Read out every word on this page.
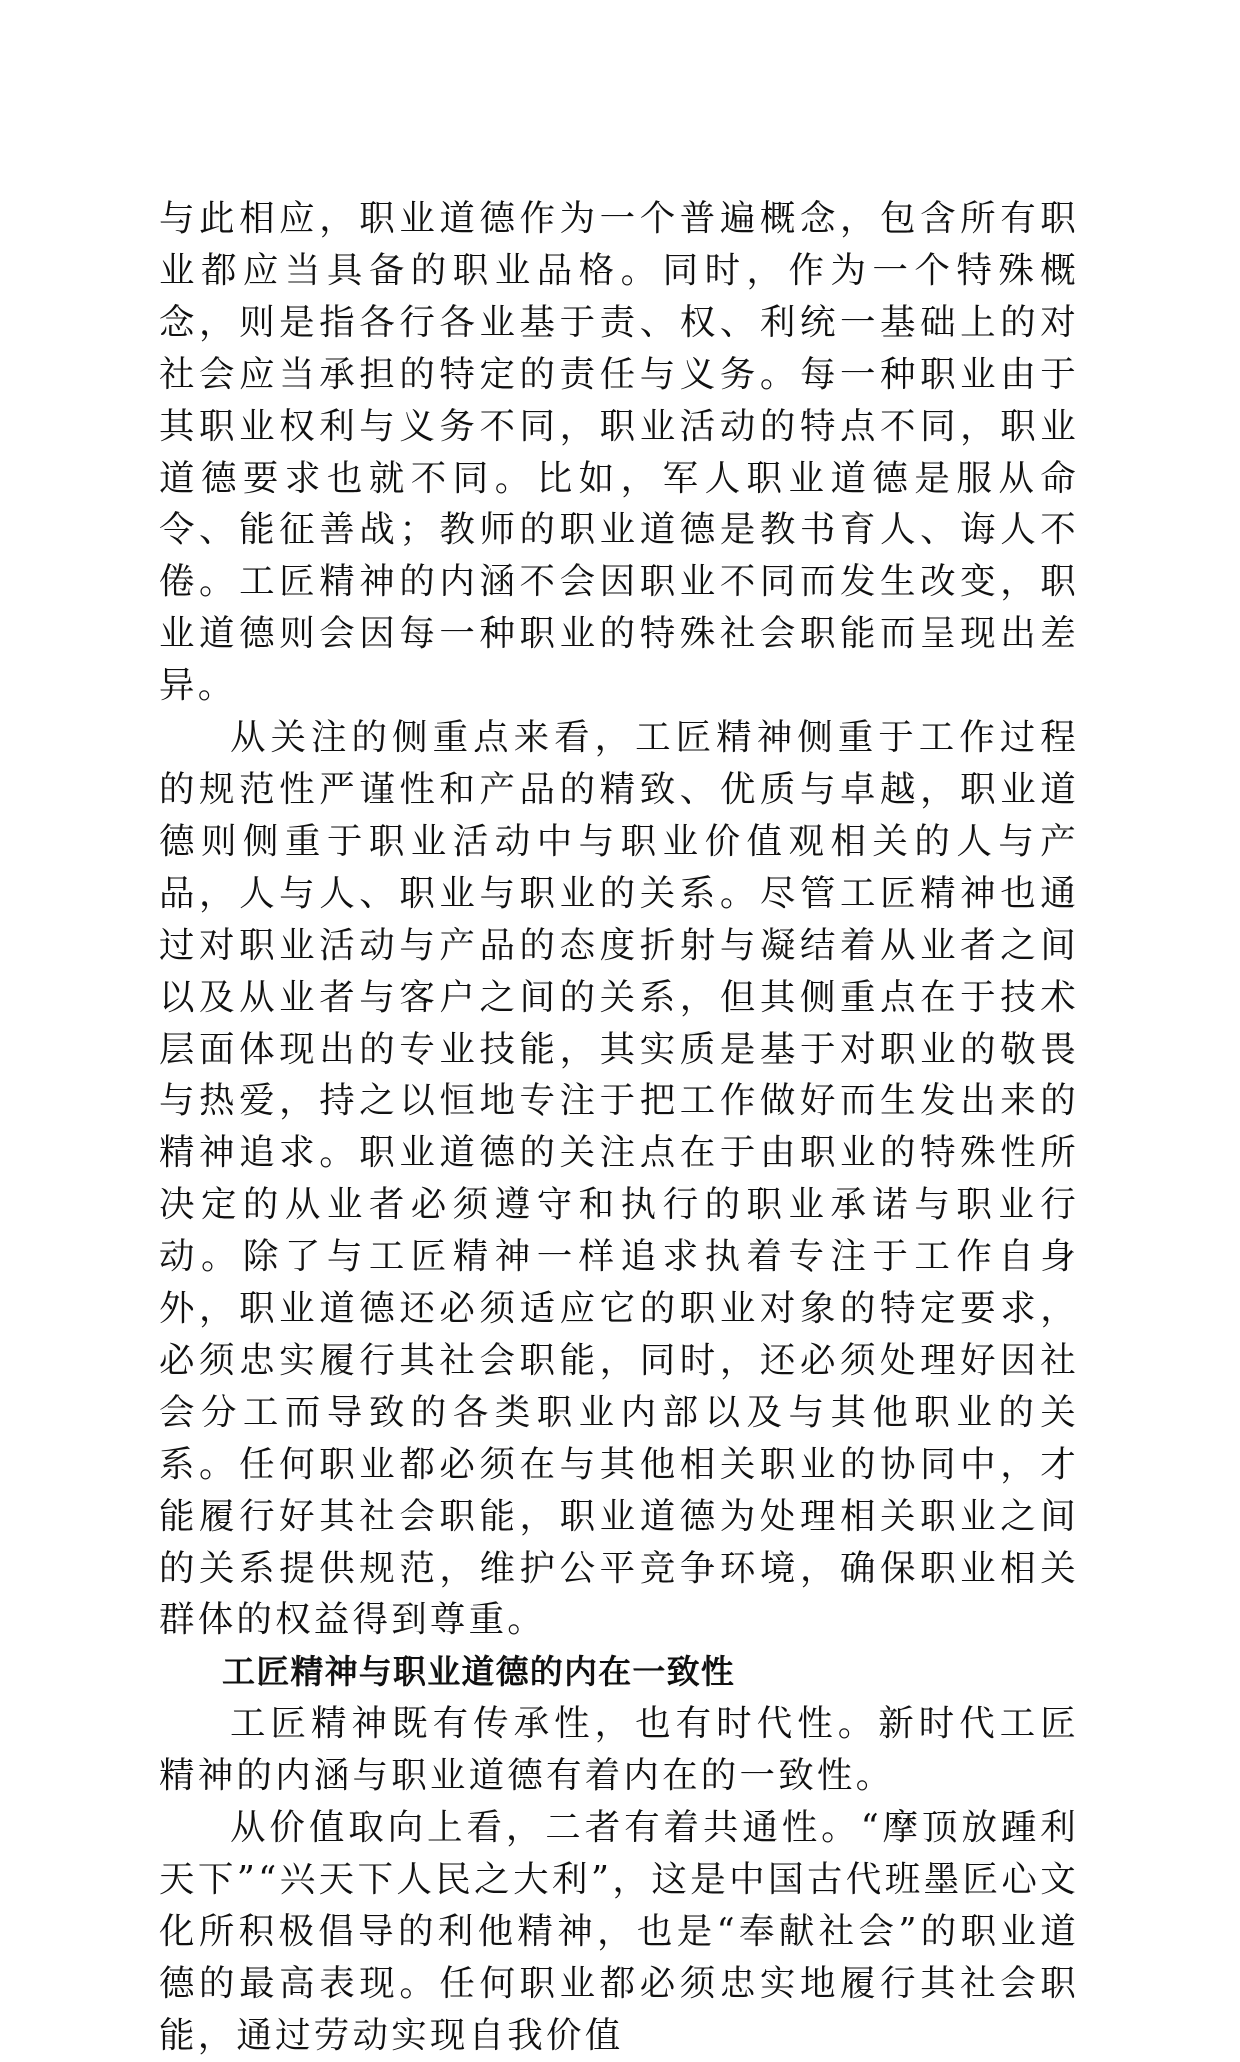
与此相应，职业道德作为一个普遍概念，包含所有职业都应当具备的职业品格。同时，作为一个特殊概念，则是指各行各业基于责、权、利统一基础上的对社会应当承担的特定的责任与义务。每一种职业由于其职业权利与义务不同，职业活动的特点不同，职业道德要求也就不同。比如，军人职业道德是服从命令、能征善战；教师的职业道德是教书育人、诲人不倦。工匠精神的内涵不会因职业不同而发生改变，职业道德则会因每一种职业的特殊社会职能而呈现出差异。

从关注的侧重点来看，工匠精神侧重于工作过程的规范性严谨性和产品的精致、优质与卓越，职业道德则侧重于职业活动中与职业价值观相关的人与产品，人与人、职业与职业的关系。尽管工匠精神也通过对职业活动与产品的态度折射与凝结着从业者之间以及从业者与客户之间的关系，但其侧重点在于技术层面体现出的专业技能，其实质是基于对职业的敬畏与热爱，持之以恒地专注于把工作做好而生发出来的精神追求。职业道德的关注点在于由职业的特殊性所决定的从业者必须遵守和执行的职业承诺与职业行动。除了与工匠精神一样追求执着专注于工作自身外，职业道德还必须适应它的职业对象的特定要求，必须忠实履行其社会职能，同时，还必须处理好因社会分工而导致的各类职业内部以及与其他职业的关系。任何职业都必须在与其他相关职业的协同中，才能履行好其社会职能，职业道德为处理相关职业之间的关系提供规范，维护公平竞争环境，确保职业相关群体的权益得到尊重。

工匠精神与职业道德的内在一致性

工匠精神既有传承性，也有时代性。新时代工匠精神的内涵与职业道德有着内在的一致性。

从价值取向上看，二者有着共通性。“摩顶放踵利天下”“兴天下人民之大利”，这是中国古代班墨匠心文化所积极倡导的利他精神，也是“奉献社会”的职业道德的最高表现。任何职业都必须忠实地履行其社会职能，通过劳动实现自我价值
